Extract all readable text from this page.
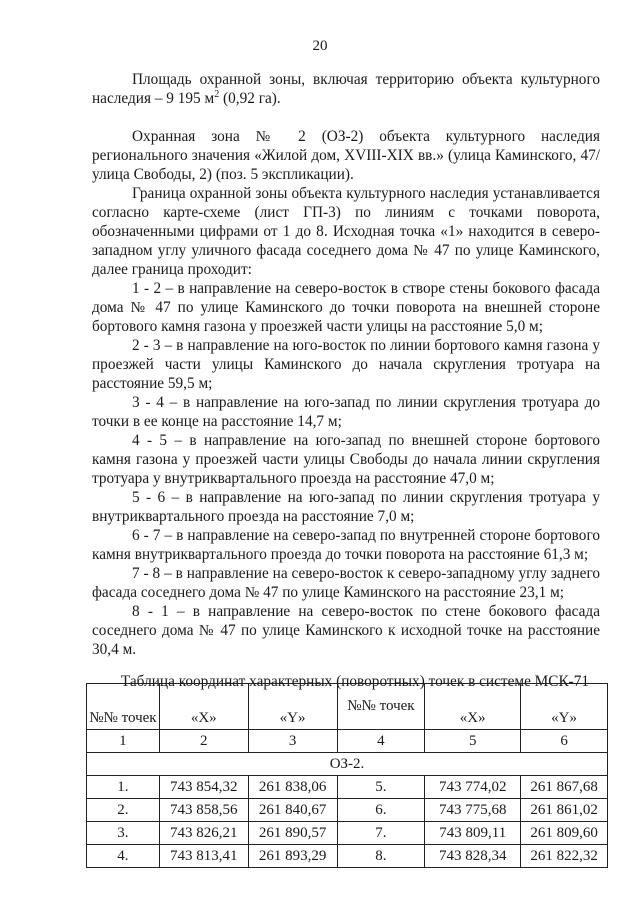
20

Площадь охранной зоны, включая территорию объекта культурного наследия – 9 195 $м^2$ (0,92 га).

Охранная зона № 2 (ОЗ-2) объекта культурного наследия регионального значения «Жилой дом, XVIII-XIX вв.» (улица Каминского, 47/ улица Свободы, 2) (поз. 5 экспликации).

Граница охранной зоны объекта культурного наследия устанавливается согласно карте-схеме (лист ГП-3) по линиям с точками поворота, обозначенными цифрами от 1 до 8. Исходная точка «1» находится в северо-западном углу уличного фасада соседнего дома № 47 по улице Каминского, далее граница проходит:

1 - 2 – в направление на северо-восток в створе стены бокового фасада дома № 47 по улице Каминского до точки поворота на внешней стороне бортового камня газона у проезжей части улицы на расстояние 5,0 м;

2 - 3 – в направление на юго-восток по линии бортового камня газона у проезжей части улицы Каминского до начала скругления тротуара на расстояние 59,5 м;

3 - 4 – в направление на юго-запад по линии скругления тротуара до точки в ее конце на расстояние 14,7 м;

4 - 5 – в направление на юго-запад по внешней стороне бортового камня газона у проезжей части улицы Свободы до начала линии скругления тротуара у внутриквартального проезда на расстояние 47,0 м;

5 - 6 – в направление на юго-запад по линии скругления тротуара у внутриквартального проезда на расстояние 7,0 м;

6 - 7 – в направление на северо-запад по внутренней стороне бортового камня внутриквартального проезда до точки поворота на расстояние 61,3 м;

7 - 8 – в направление на северо-восток к северо-западному углу заднего фасада соседнего дома № 47 по улице Каминского на расстояние 23,1 м;

8 - 1 – в направление на северо-восток по стене бокового фасада соседнего дома № 47 по улице Каминского к исходной точке на расстояние 30,4 м.

Таблица координат характерных (поворотных) точек в системе МСК-71

№№ точек	«X»	«Y»	№№ точек	«X»	«Y»
1	2	3	4	5	6
ОЗ-2.					
1.	743 854,32	261 838,06	5.	743 774,02	261 867,68
2.	743 858,56	261 840,67	6.	743 775,68	261 861,02
3.	743 826,21	261 890,57	7.	743 809,11	261 809,60
4.	743 813,41	261 893,29	8.	743 828,34	261 822,32
